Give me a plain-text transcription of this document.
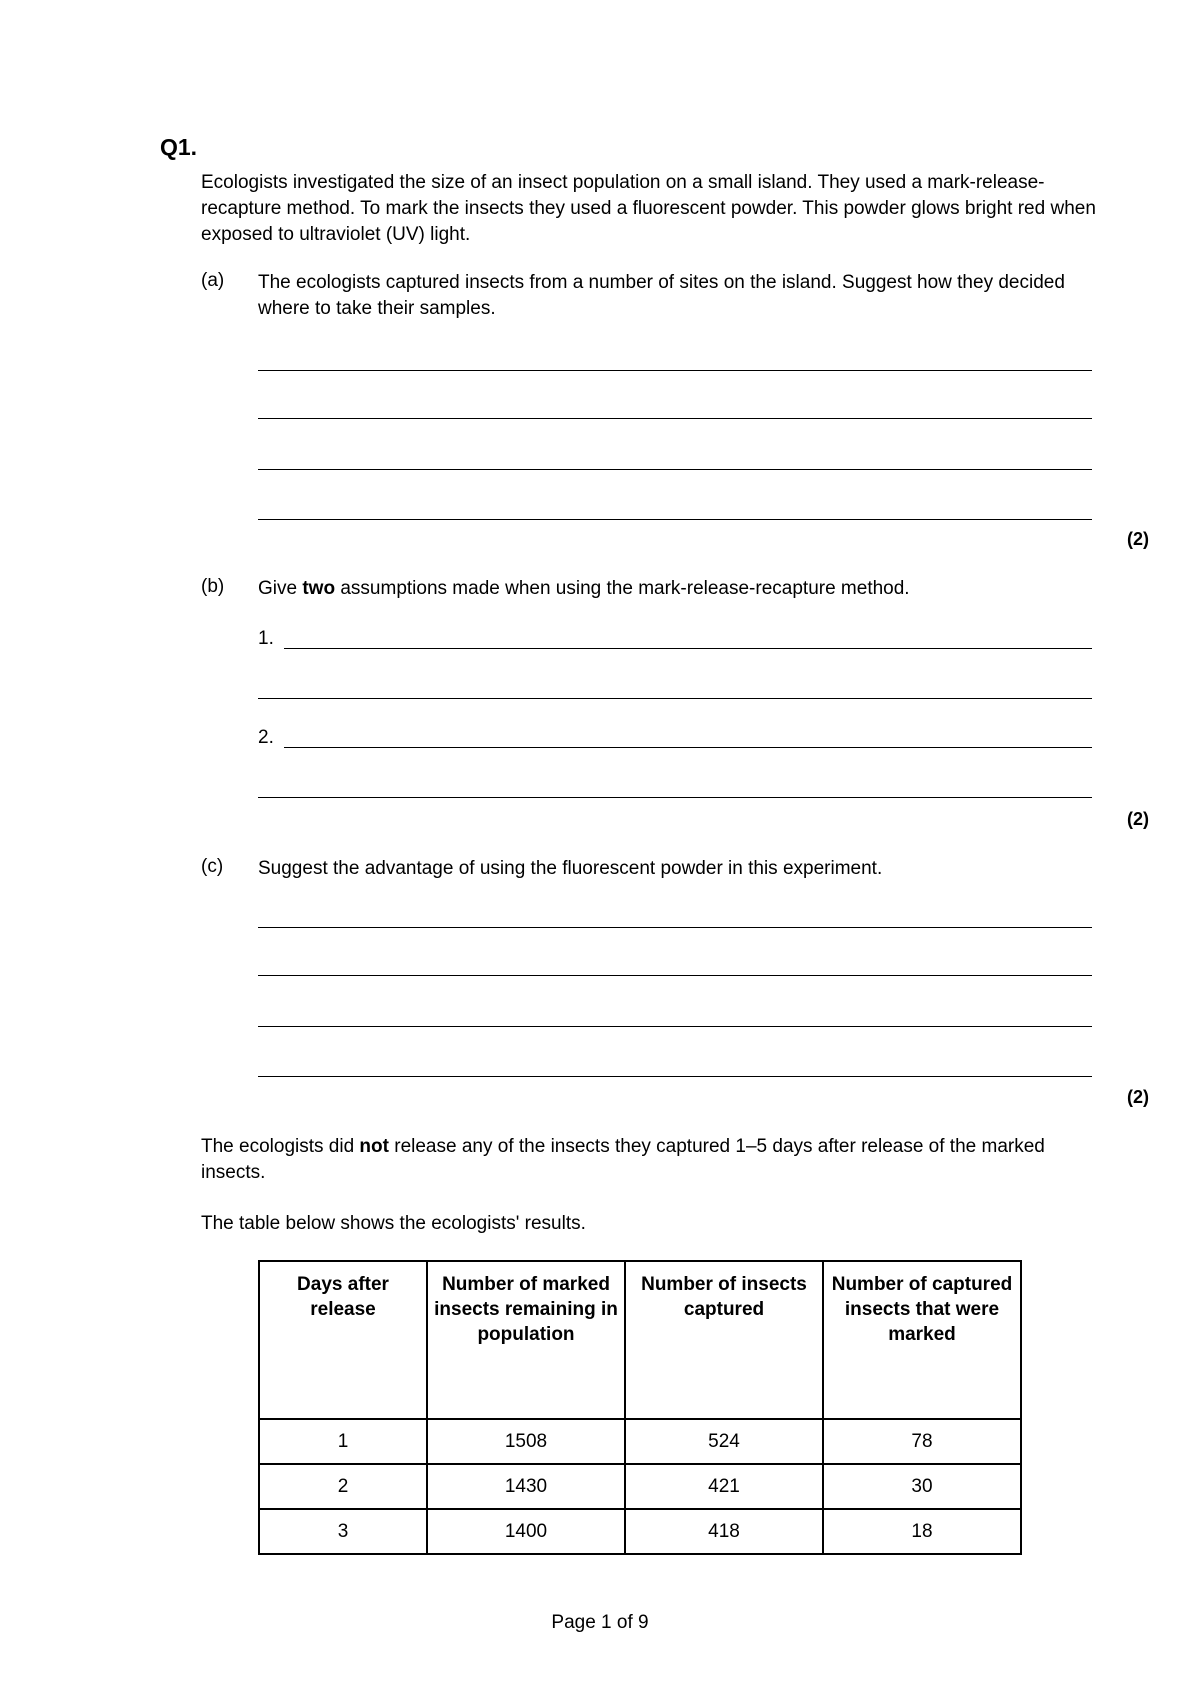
Q1.
Ecologists investigated the size of an insect population on a small island. They used a mark-release-recapture method. To mark the insects they used a fluorescent powder. This powder glows bright red when exposed to ultraviolet (UV) light.
(a) The ecologists captured insects from a number of sites on the island. Suggest how they decided where to take their samples.
(2)
(b) Give two assumptions made when using the mark-release-recapture method.
1.
2.
(2)
(c) Suggest the advantage of using the fluorescent powder in this experiment.
(2)
The ecologists did not release any of the insects they captured 1–5 days after release of the marked insects.
The table below shows the ecologists' results.
Days after release	Number of marked insects remaining in population	Number of insects captured	Number of captured insects that were marked
1	1508	524	78
2	1430	421	30
3	1400	418	18
Page 1 of 9
